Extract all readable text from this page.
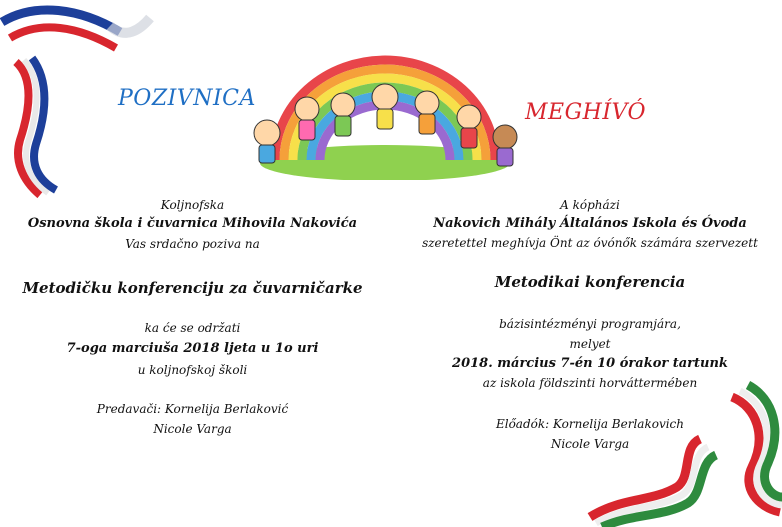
POZIVNICA
MEGHÍVÓ
Koljnofska
Osnovna škola i čuvarnica Mihovila Nakovića
Vas srdačno poziva na
Metodičku konferenciju za čuvarničarke
ka će se održati
7-oga marciuša 2018 ljeta u 1o uri
u koljnofskoj školi
Predavači: Kornelija Berlaković
Nicole Varga
A kópházi
Nakovich Mihály Általános Iskola és Óvoda
szeretettel meghívja Önt az óvónők számára szervezett
Metodikai konferencia
bázisintézményi programjára,
melyet
2018. március 7-én 10 órakor tartunk
az iskola földszinti horváttermében
Előadók: Kornelija Berlakovich
Nicole Varga
